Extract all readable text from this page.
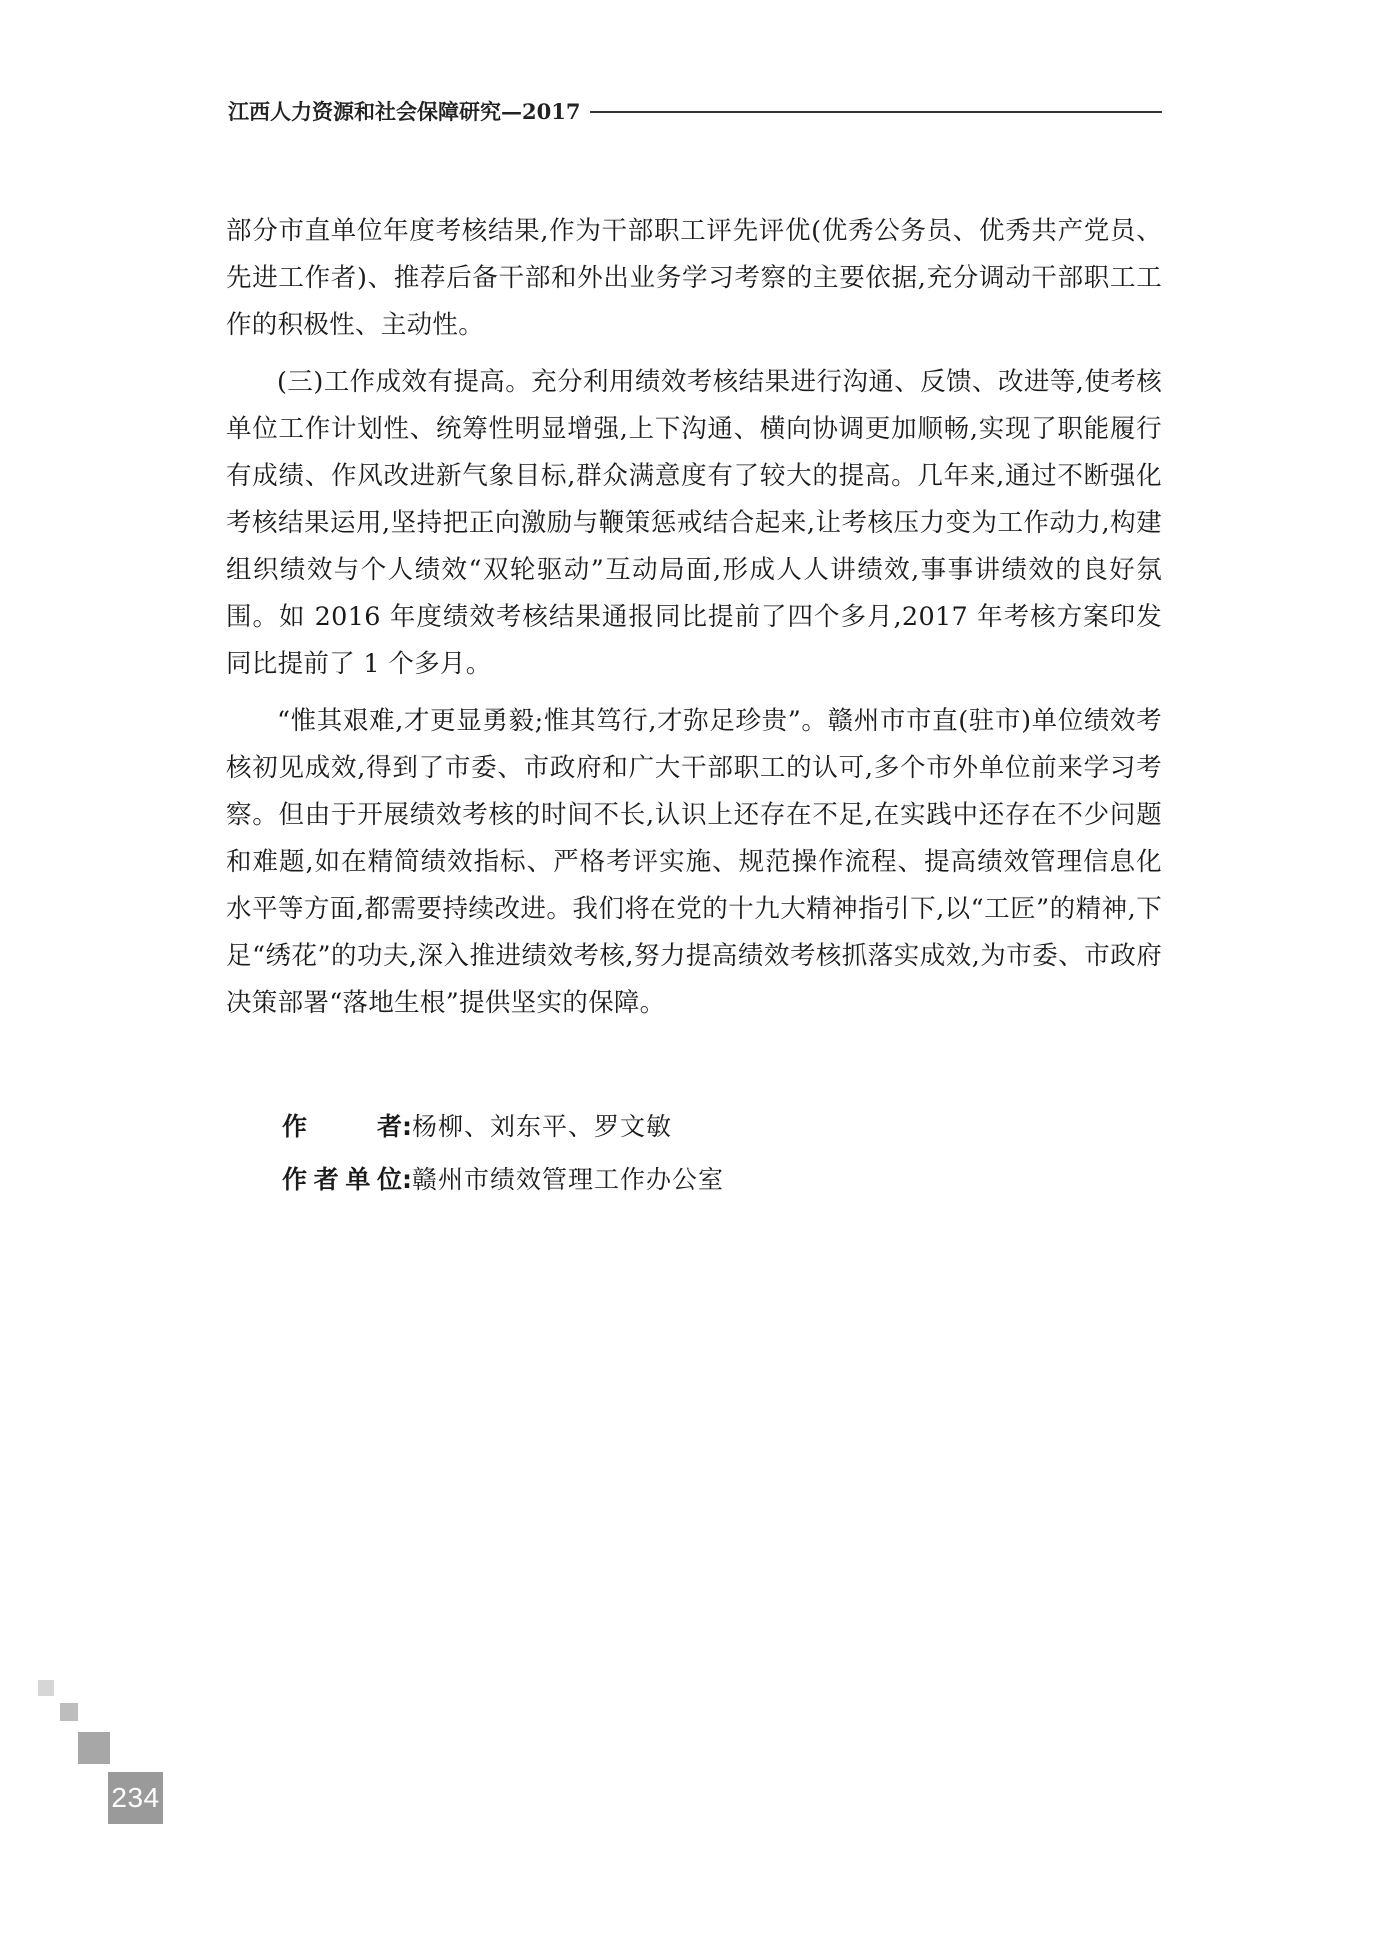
江西人力资源和社会保障研究—2017

部分市直单位年度考核结果,作为干部职工评先评优(优秀公务员、优秀共产党员、先进工作者)、推荐后备干部和外出业务学习考察的主要依据,充分调动干部职工工作的积极性、主动性。

(三)工作成效有提高。充分利用绩效考核结果进行沟通、反馈、改进等,使考核单位工作计划性、统筹性明显增强,上下沟通、横向协调更加顺畅,实现了职能履行有成绩、作风改进新气象目标,群众满意度有了较大的提高。几年来,通过不断强化考核结果运用,坚持把正向激励与鞭策惩戒结合起来,让考核压力变为工作动力,构建组织绩效与个人绩效“双轮驱动”互动局面,形成人人讲绩效,事事讲绩效的良好氛围。如 2016 年度绩效考核结果通报同比提前了四个多月,2017 年考核方案印发同比提前了 1 个多月。

“惟其艰难,才更显勇毅;惟其笃行,才弥足珍贵”。赣州市市直(驻市)单位绩效考核初见成效,得到了市委、市政府和广大干部职工的认可,多个市外单位前来学习考察。但由于开展绩效考核的时间不长,认识上还存在不足,在实践中还存在不少问题和难题,如在精简绩效指标、严格考评实施、规范操作流程、提高绩效管理信息化水平等方面,都需要持续改进。我们将在党的十九大精神指引下,以“工匠”的精神,下足“绣花”的功夫,深入推进绩效考核,努力提高绩效考核抓落实成效,为市委、市政府决策部署“落地生根”提供坚实的保障。

作者 : 杨柳、刘东平、罗文敏
作者单位 : 赣州市绩效管理工作办公室
234
